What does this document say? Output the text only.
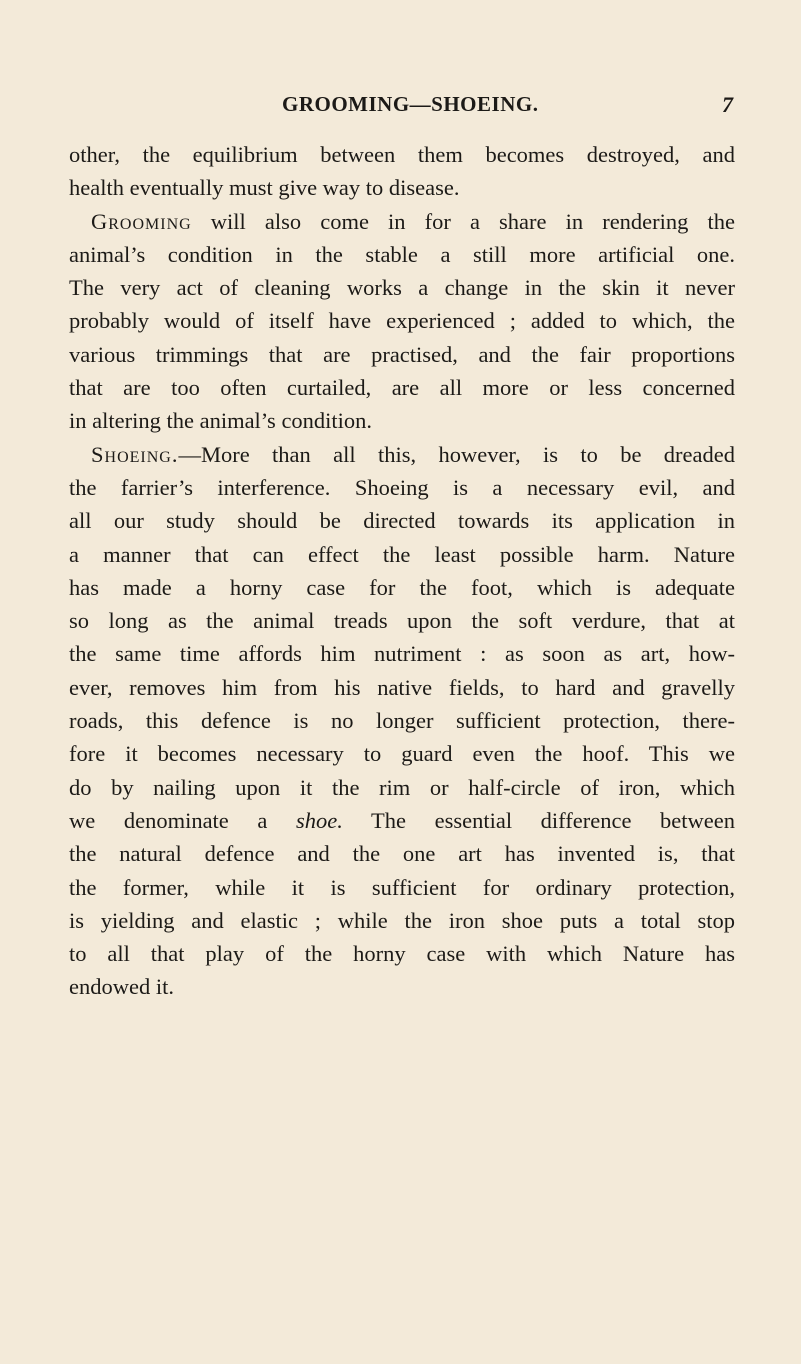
GROOMING—SHOEING.	7
other, the equilibrium between them becomes destroyed, and
health eventually must give way to disease.
Grooming will also come in for a share in rendering the
animal’s condition in the stable a still more artificial one.
The very act of cleaning works a change in the skin it never
probably would of itself have experienced ; added to which, the
various trimmings that are practised, and the fair proportions
that are too often curtailed, are all more or less concerned
in altering the animal’s condition.
Shoeing.—More than all this, however, is to be dreaded
the farrier’s interference. Shoeing is a necessary evil, and
all our study should be directed towards its application in
a manner that can effect the least possible harm. Nature
has made a horny case for the foot, which is adequate
so long as the animal treads upon the soft verdure, that at
the same time affords him nutriment : as soon as art, how-
ever, removes him from his native fields, to hard and gravelly
roads, this defence is no longer sufficient protection, there-
fore it becomes necessary to guard even the hoof. This we
do by nailing upon it the rim or half-circle of iron, which
we denominate a shoe. The essential difference between
the natural defence and the one art has invented is, that
the former, while it is sufficient for ordinary protection,
is yielding and elastic ; while the iron shoe puts a total stop
to all that play of the horny case with which Nature has
endowed it.
